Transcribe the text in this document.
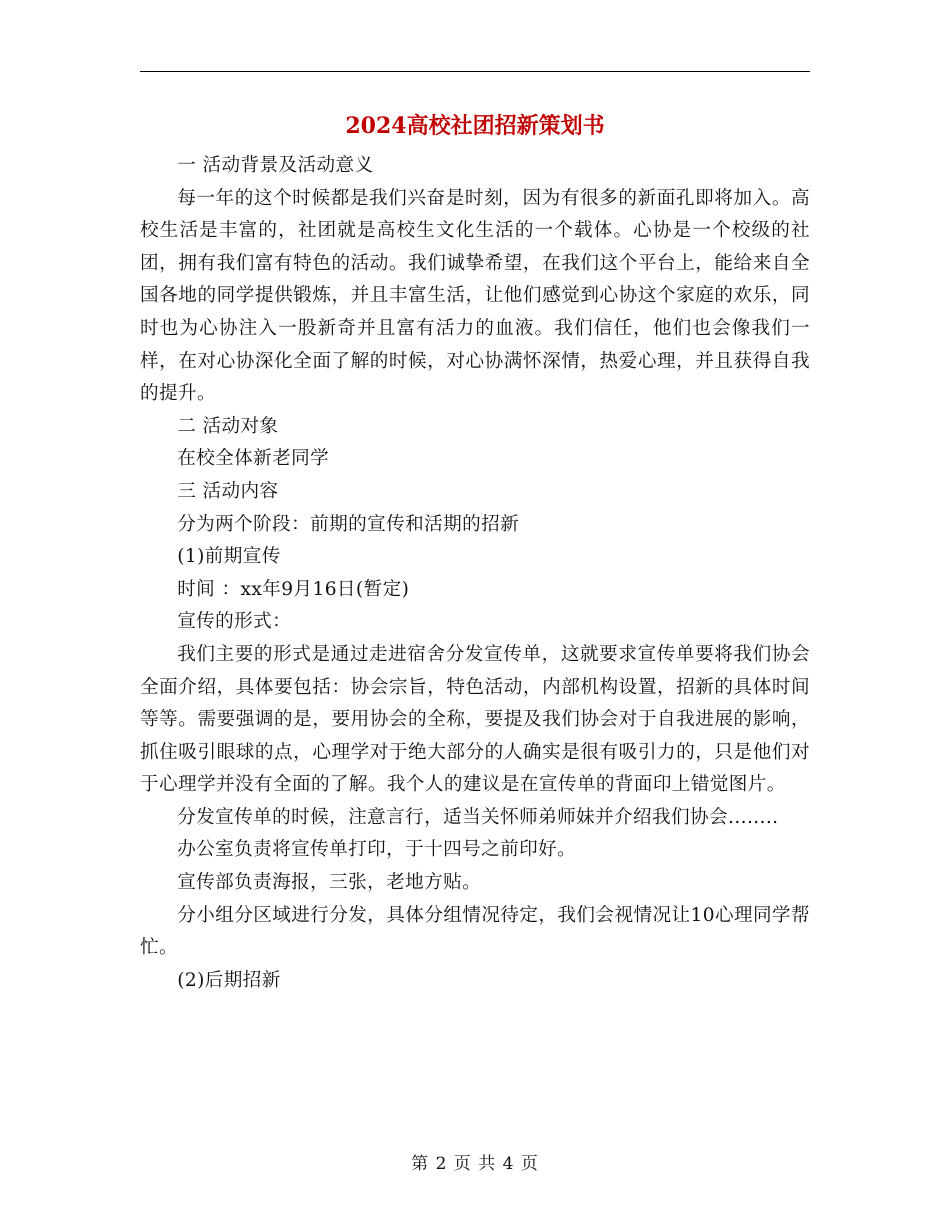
2024高校社团招新策划书

一 活动背景及活动意义

每一年的这个时候都是我们兴奋是时刻，因为有很多的新面孔即将加入。高校生活是丰富的，社团就是高校生文化生活的一个载体。心协是一个校级的社团，拥有我们富有特色的活动。我们诚挚希望，在我们这个平台上，能给来自全国各地的同学提供锻炼，并且丰富生活，让他们感觉到心协这个家庭的欢乐，同时也为心协注入一股新奇并且富有活力的血液。我们信任，他们也会像我们一样，在对心协深化全面了解的时候，对心协满怀深情，热爱心理，并且获得自我的提升。

二 活动对象

在校全体新老同学

三 活动内容

分为两个阶段：前期的宣传和活期的招新

(1)前期宣传

时间 ：xx年9月16日(暂定)

宣传的形式：

我们主要的形式是通过走进宿舍分发宣传单，这就要求宣传单要将我们协会全面介绍，具体要包括：协会宗旨，特色活动，内部机构设置，招新的具体时间等等。需要强调的是，要用协会的全称，要提及我们协会对于自我进展的影响，抓住吸引眼球的点，心理学对于绝大部分的人确实是很有吸引力的，只是他们对于心理学并没有全面的了解。我个人的建议是在宣传单的背面印上错觉图片。

分发宣传单的时候，注意言行，适当关怀师弟师妹并介绍我们协会........

办公室负责将宣传单打印，于十四号之前印好。

宣传部负责海报，三张，老地方贴。

分小组分区域进行分发，具体分组情况待定，我们会视情况让10心理同学帮忙。

(2)后期招新

第 2 页 共 4 页
